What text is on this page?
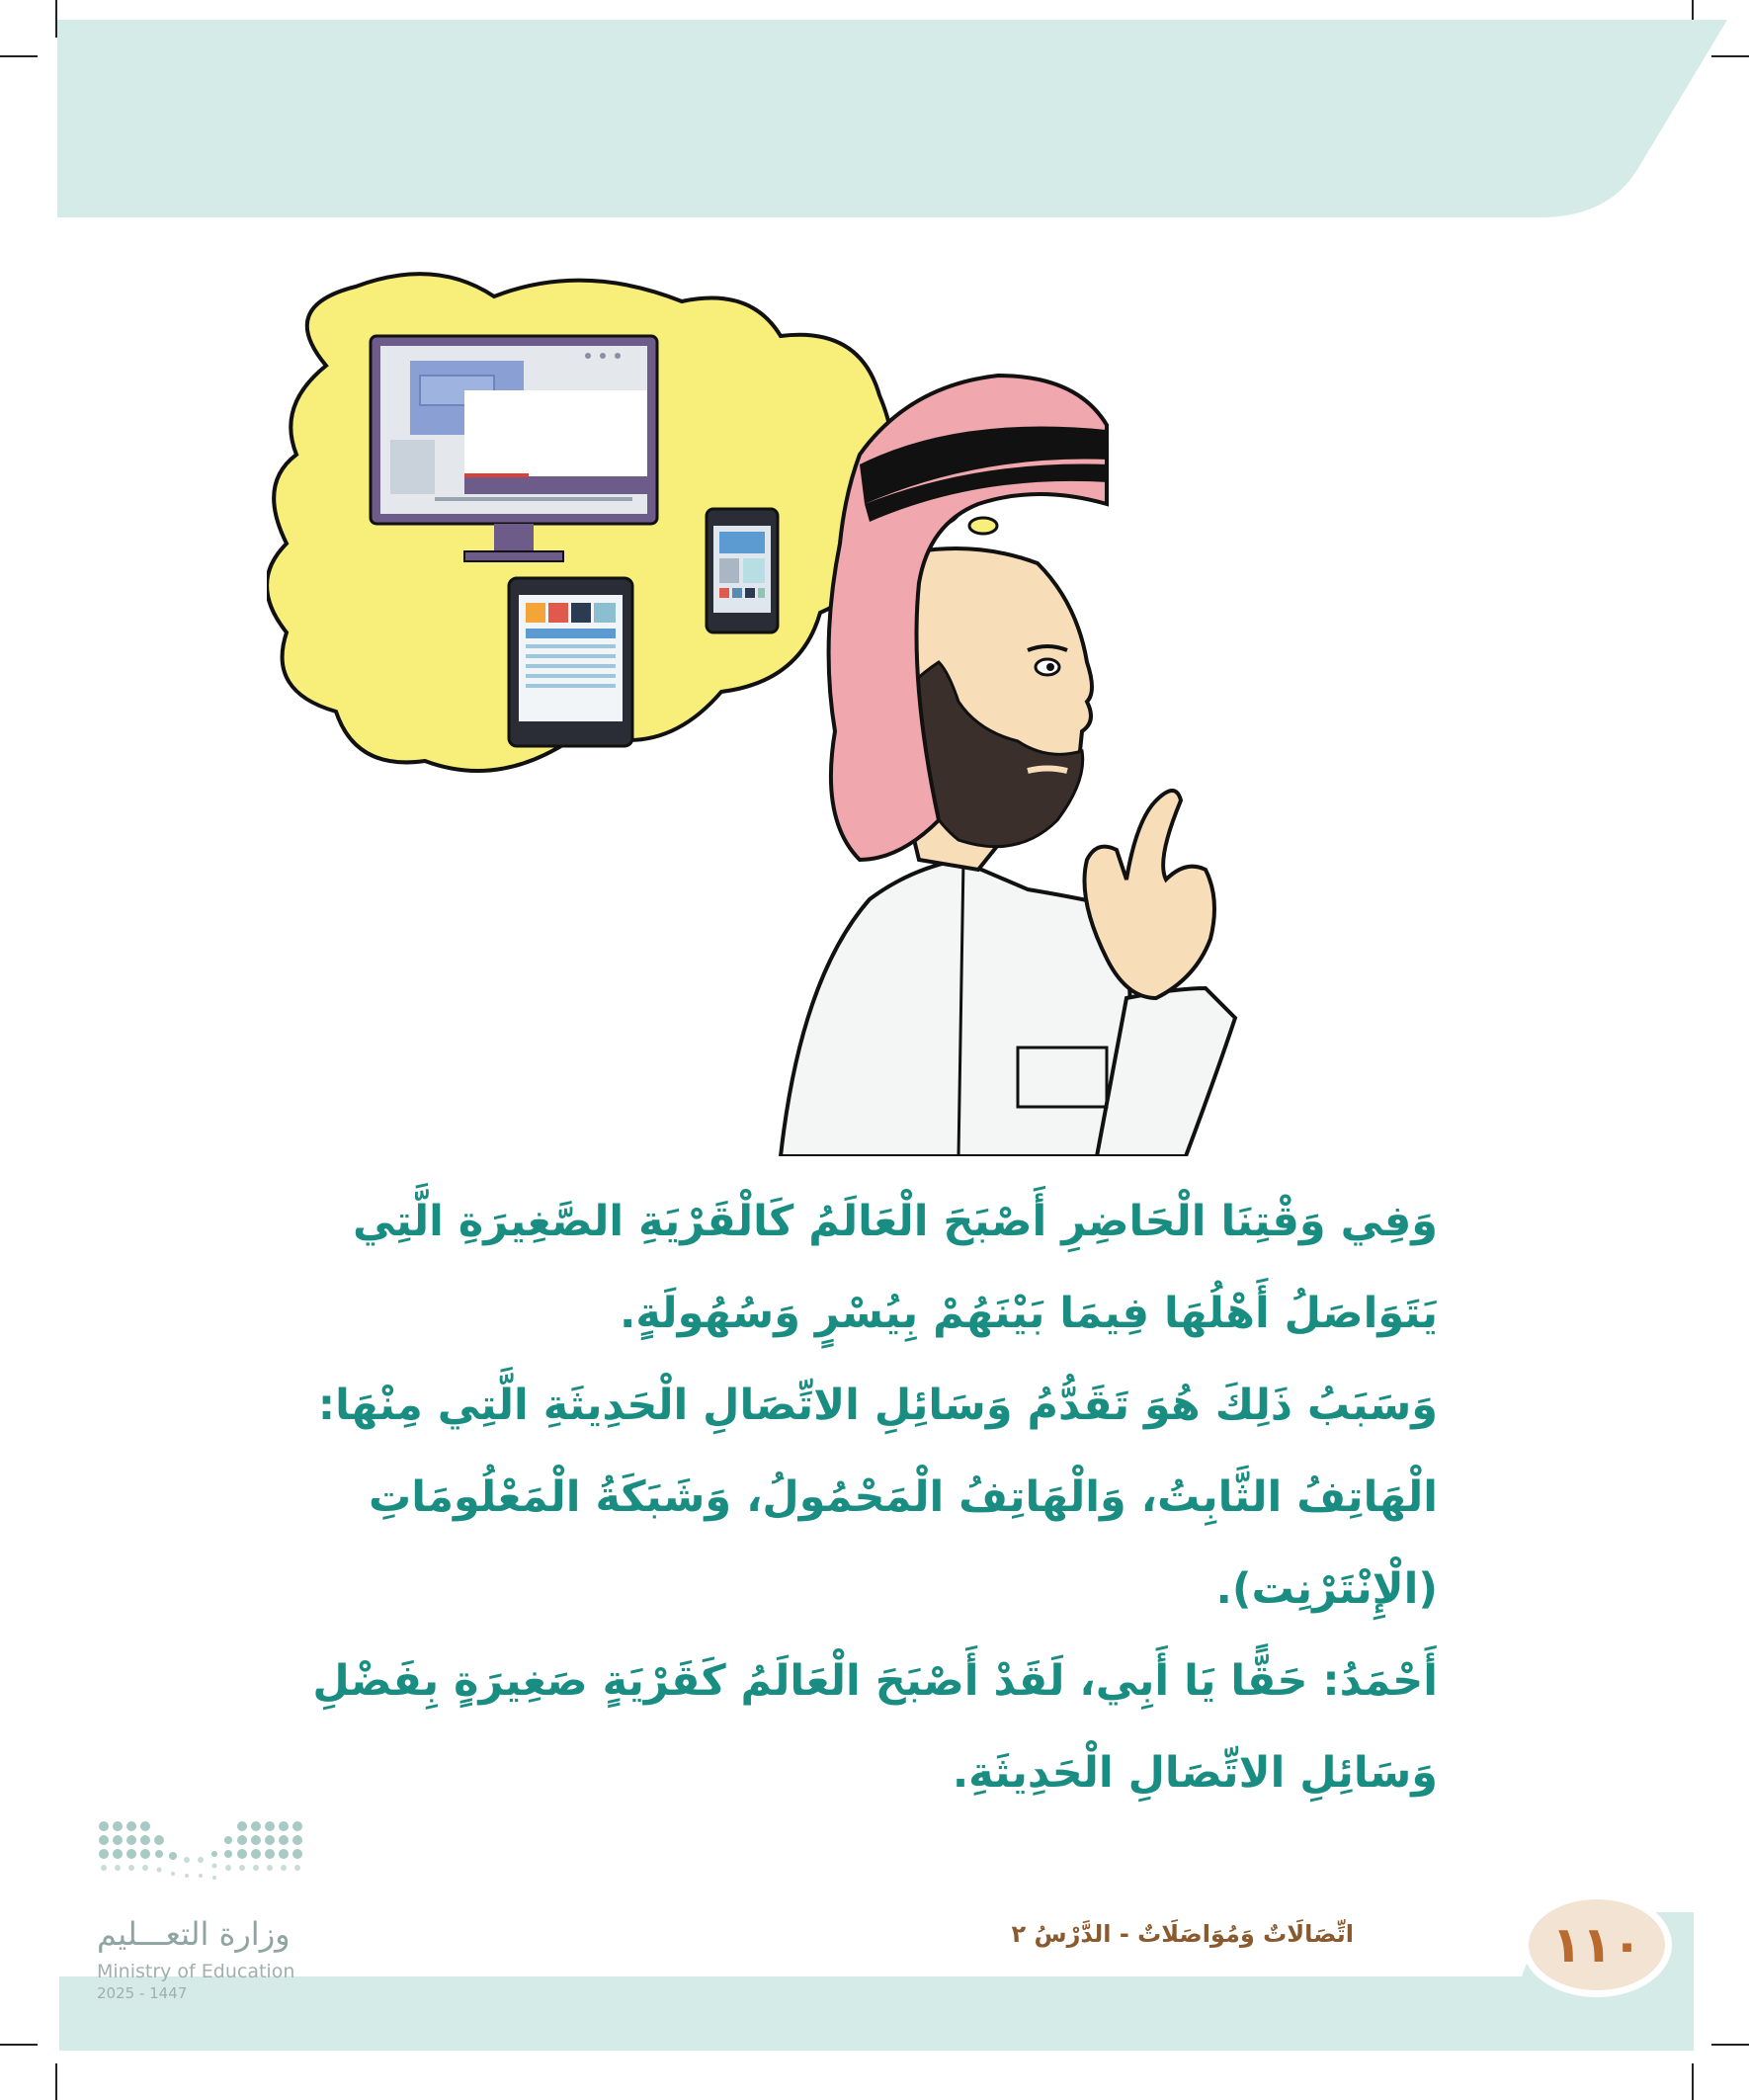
وَفِي وَقْتِنَا الْحَاضِرِ أَصْبَحَ الْعَالَمُ كَالْقَرْيَةِ الصَّغِيرَةِ الَّتِي يَتَوَاصَلُ أَهْلُهَا فِيمَا بَيْنَهُمْ بِيُسْرٍ وَسُهُولَةٍ.

وَسَبَبُ ذَلِكَ هُوَ تَقَدُّمُ وَسَائِلِ الاتِّصَالِ الْحَدِيثَةِ الَّتِي مِنْهَا: الْهَاتِفُ الثَّابِتُ، وَالْهَاتِفُ الْمَحْمُولُ، وَشَبَكَةُ الْمَعْلُومَاتِ (الْإِنْتَرْنِت).

أَحْمَدُ: حَقًّا يَا أَبِي، لَقَدْ أَصْبَحَ الْعَالَمُ كَقَرْيَةٍ صَغِيرَةٍ بِفَضْلِ وَسَائِلِ الاتِّصَالِ الْحَدِيثَةِ.

وزارة التعـــليم
Ministry of Education
2025 - 1447
اتِّصَالَاتٌ وَمُوَاصَلَاتٌ - الدَّرْسُ ٢	١١٠
